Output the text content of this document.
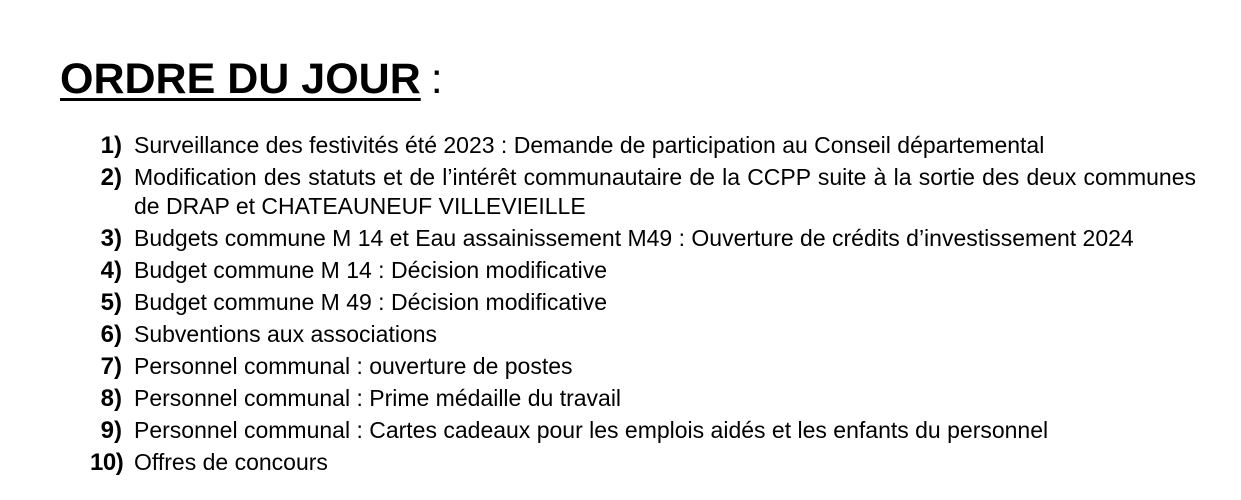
ORDRE DU JOUR :
1) Surveillance des festivités été 2023 : Demande de participation au Conseil départemental
2) Modification des statuts et de l’intérêt communautaire de la CCPP suite à la sortie des deux communes de DRAP et CHATEAUNEUF VILLEVIEILLE
3) Budgets commune M 14 et Eau assainissement M49 : Ouverture de crédits d’investissement 2024
4) Budget commune M 14 : Décision modificative
5) Budget commune M 49 : Décision modificative
6) Subventions aux associations
7) Personnel communal : ouverture de postes
8) Personnel communal : Prime médaille du travail
9) Personnel communal : Cartes cadeaux pour les emplois aidés et les enfants du personnel
10) Offres de concours
